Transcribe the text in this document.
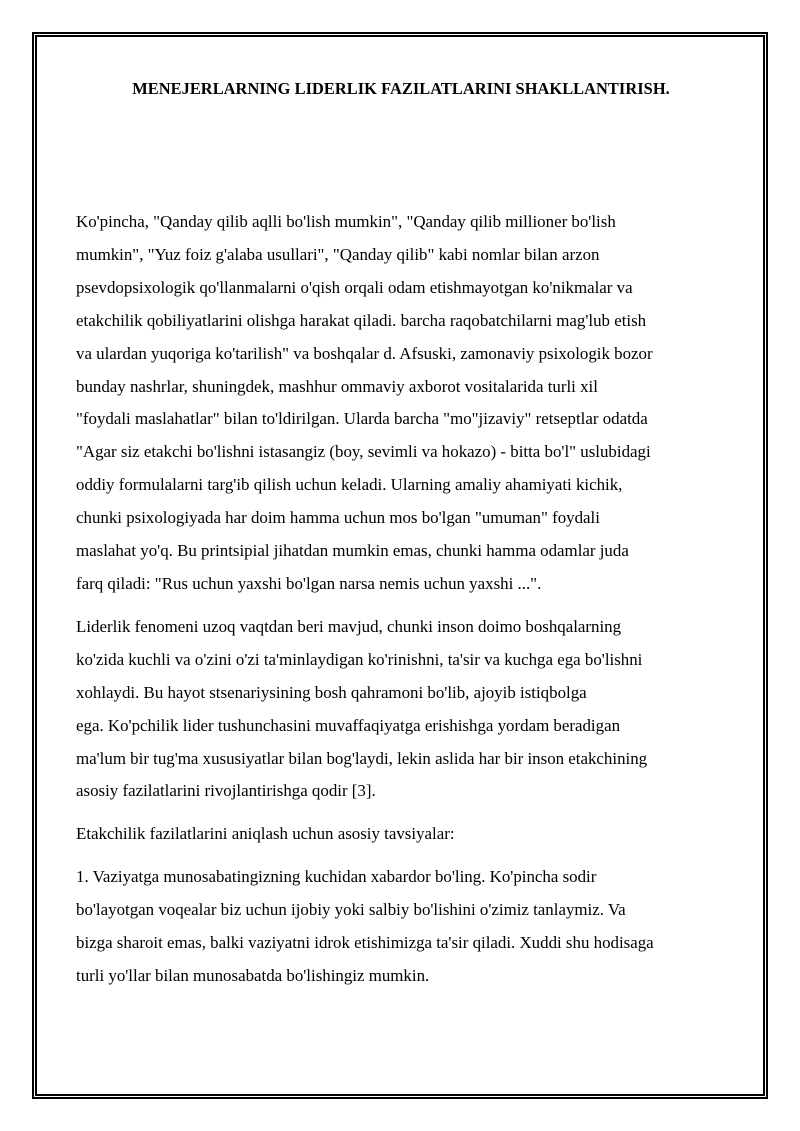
MENEJERLARNING LIDERLIK FAZILATLARINI SHAKLLANTIRISH.

Ko'pincha, "Qanday qilib aqlli bo'lish mumkin", "Qanday qilib millioner bo'lish
mumkin", "Yuz foiz g'alaba usullari", "Qanday qilib" kabi nomlar bilan arzon
psevdopsixologik qo'llanmalarni o'qish orqali odam etishmayotgan ko'nikmalar va
etakchilik qobiliyatlarini olishga harakat qiladi. barcha raqobatchilarni mag'lub etish
va ulardan yuqoriga ko'tarilish" va boshqalar d. Afsuski, zamonaviy psixologik bozor
bunday nashrlar, shuningdek, mashhur ommaviy axborot vositalarida turli xil
"foydali maslahatlar" bilan to'ldirilgan. Ularda barcha "mo"jizaviy" retseptlar odatda
"Agar siz etakchi bo'lishni istasangiz (boy, sevimli va hokazo) - bitta bo'l" uslubidagi
oddiy formulalarni targ'ib qilish uchun keladi. Ularning amaliy ahamiyati kichik,
chunki psixologiyada har doim hamma uchun mos bo'lgan "umuman" foydali
maslahat yo'q. Bu printsipial jihatdan mumkin emas, chunki hamma odamlar juda
farq qiladi: "Rus uchun yaxshi bo'lgan narsa nemis uchun yaxshi ...".

Liderlik fenomeni uzoq vaqtdan beri mavjud, chunki inson doimo boshqalarning
ko'zida kuchli va o'zini o'zi ta'minlaydigan ko'rinishni, ta'sir va kuchga ega bo'lishni
xohlaydi. Bu hayot stsenariysining bosh qahramoni bo'lib, ajoyib istiqbolga
ega. Ko'pchilik lider tushunchasini muvaffaqiyatga erishishga yordam beradigan
ma'lum bir tug'ma xususiyatlar bilan bog'laydi, lekin aslida har bir inson etakchining
asosiy fazilatlarini rivojlantirishga qodir [3].

Etakchilik fazilatlarini aniqlash uchun asosiy tavsiyalar:

1. Vaziyatga munosabatingizning kuchidan xabardor bo'ling. Ko'pincha sodir
bo'layotgan voqealar biz uchun ijobiy yoki salbiy bo'lishini o'zimiz tanlaymiz. Va
bizga sharoit emas, balki vaziyatni idrok etishimizga ta'sir qiladi. Xuddi shu hodisaga
turli yo'llar bilan munosabatda bo'lishingiz mumkin.
